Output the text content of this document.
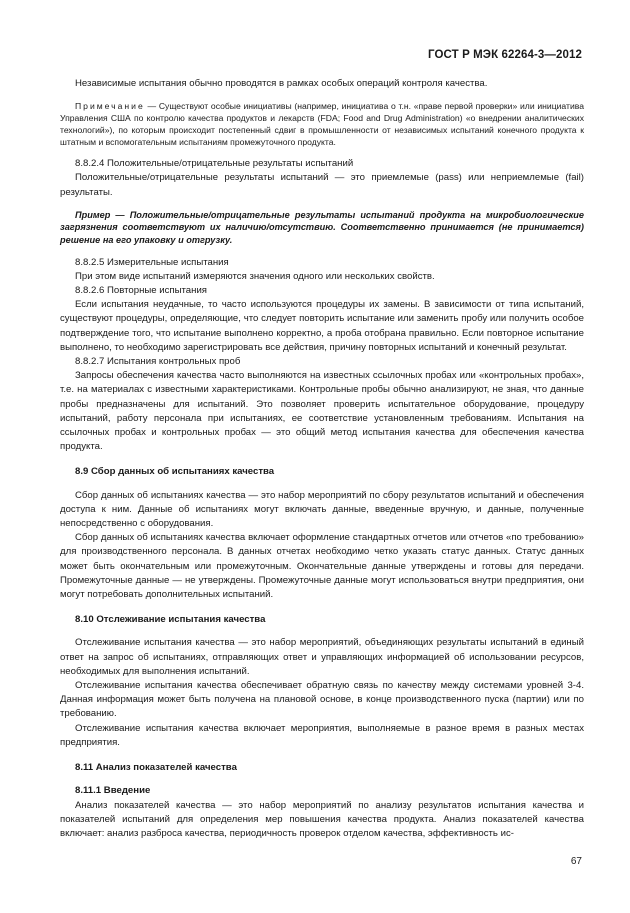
ГОСТ Р МЭК 62264-3—2012

Независимые испытания обычно проводятся в рамках особых операций контроля качества.

Примечание — Существуют особые инициативы (например, инициатива о т.н. «праве первой проверки» или инициатива Управления США по контролю качества продуктов и лекарств (FDA; Food and Drug Administration) «о внедрении аналитических технологий»), по которым происходит постепенный сдвиг в промышленности от независимых испытаний конечного продукта к штатным и вспомогательным испытаниям промежуточного продукта.

8.8.2.4 Положительные/отрицательные результаты испытаний

Положительные/отрицательные результаты испытаний — это приемлемые (pass) или неприемлемые (fail) результаты.

Пример — Положительные/отрицательные результаты испытаний продукта на микробиологические загрязнения соответствуют их наличию/отсутствию. Соответственно принимается (не принимается) решение на его упаковку и отгрузку.

8.8.2.5 Измерительные испытания

При этом виде испытаний измеряются значения одного или нескольких свойств.

8.8.2.6 Повторные испытания

Если испытания неудачные, то часто используются процедуры их замены. В зависимости от типа испытаний, существуют процедуры, определяющие, что следует повторить испытание или заменить пробу или получить особое подтверждение того, что испытание выполнено корректно, а проба отобрана правильно. Если повторное испытание выполнено, то необходимо зарегистрировать все действия, причину повторных испытаний и конечный результат.

8.8.2.7 Испытания контрольных проб

Запросы обеспечения качества часто выполняются на известных ссылочных пробах или «контрольных пробах», т.е. на материалах с известными характеристиками. Контрольные пробы обычно анализируют, не зная, что данные пробы предназначены для испытаний. Это позволяет проверить испытательное оборудование, процедуру испытаний, работу персонала при испытаниях, ее соответствие установленным требованиям. Испытания на ссылочных пробах и контрольных пробах — это общий метод испытания качества для обеспечения качества продукта.

8.9 Сбор данных об испытаниях качества

Сбор данных об испытаниях качества — это набор мероприятий по сбору результатов испытаний и обеспечения доступа к ним. Данные об испытаниях могут включать данные, введенные вручную, и данные, полученные непосредственно с оборудования.

Сбор данных об испытаниях качества включает оформление стандартных отчетов или отчетов «по требованию» для производственного персонала. В данных отчетах необходимо четко указать статус данных. Статус данных может быть окончательным или промежуточным. Окончательные данные утверждены и готовы для передачи. Промежуточные данные — не утверждены. Промежуточные данные могут использоваться внутри предприятия, они могут потребовать дополнительных испытаний.

8.10 Отслеживание испытания качества

Отслеживание испытания качества — это набор мероприятий, объединяющих результаты испытаний в единый ответ на запрос об испытаниях, отправляющих ответ и управляющих информацией об использовании ресурсов, необходимых для выполнения испытаний.

Отслеживание испытания качества обеспечивает обратную связь по качеству между системами уровней 3-4. Данная информация может быть получена на плановой основе, в конце производственного пуска (партии) или по требованию.

Отслеживание испытания качества включает мероприятия, выполняемые в разное время в разных местах предприятия.

8.11 Анализ показателей качества

8.11.1 Введение

Анализ показателей качества — это набор мероприятий по анализу результатов испытания качества и показателей испытаний для определения мер повышения качества продукта. Анализ показателей качества включает: анализ разброса качества, периодичность проверок отделом качества, эффективность ис-

67
